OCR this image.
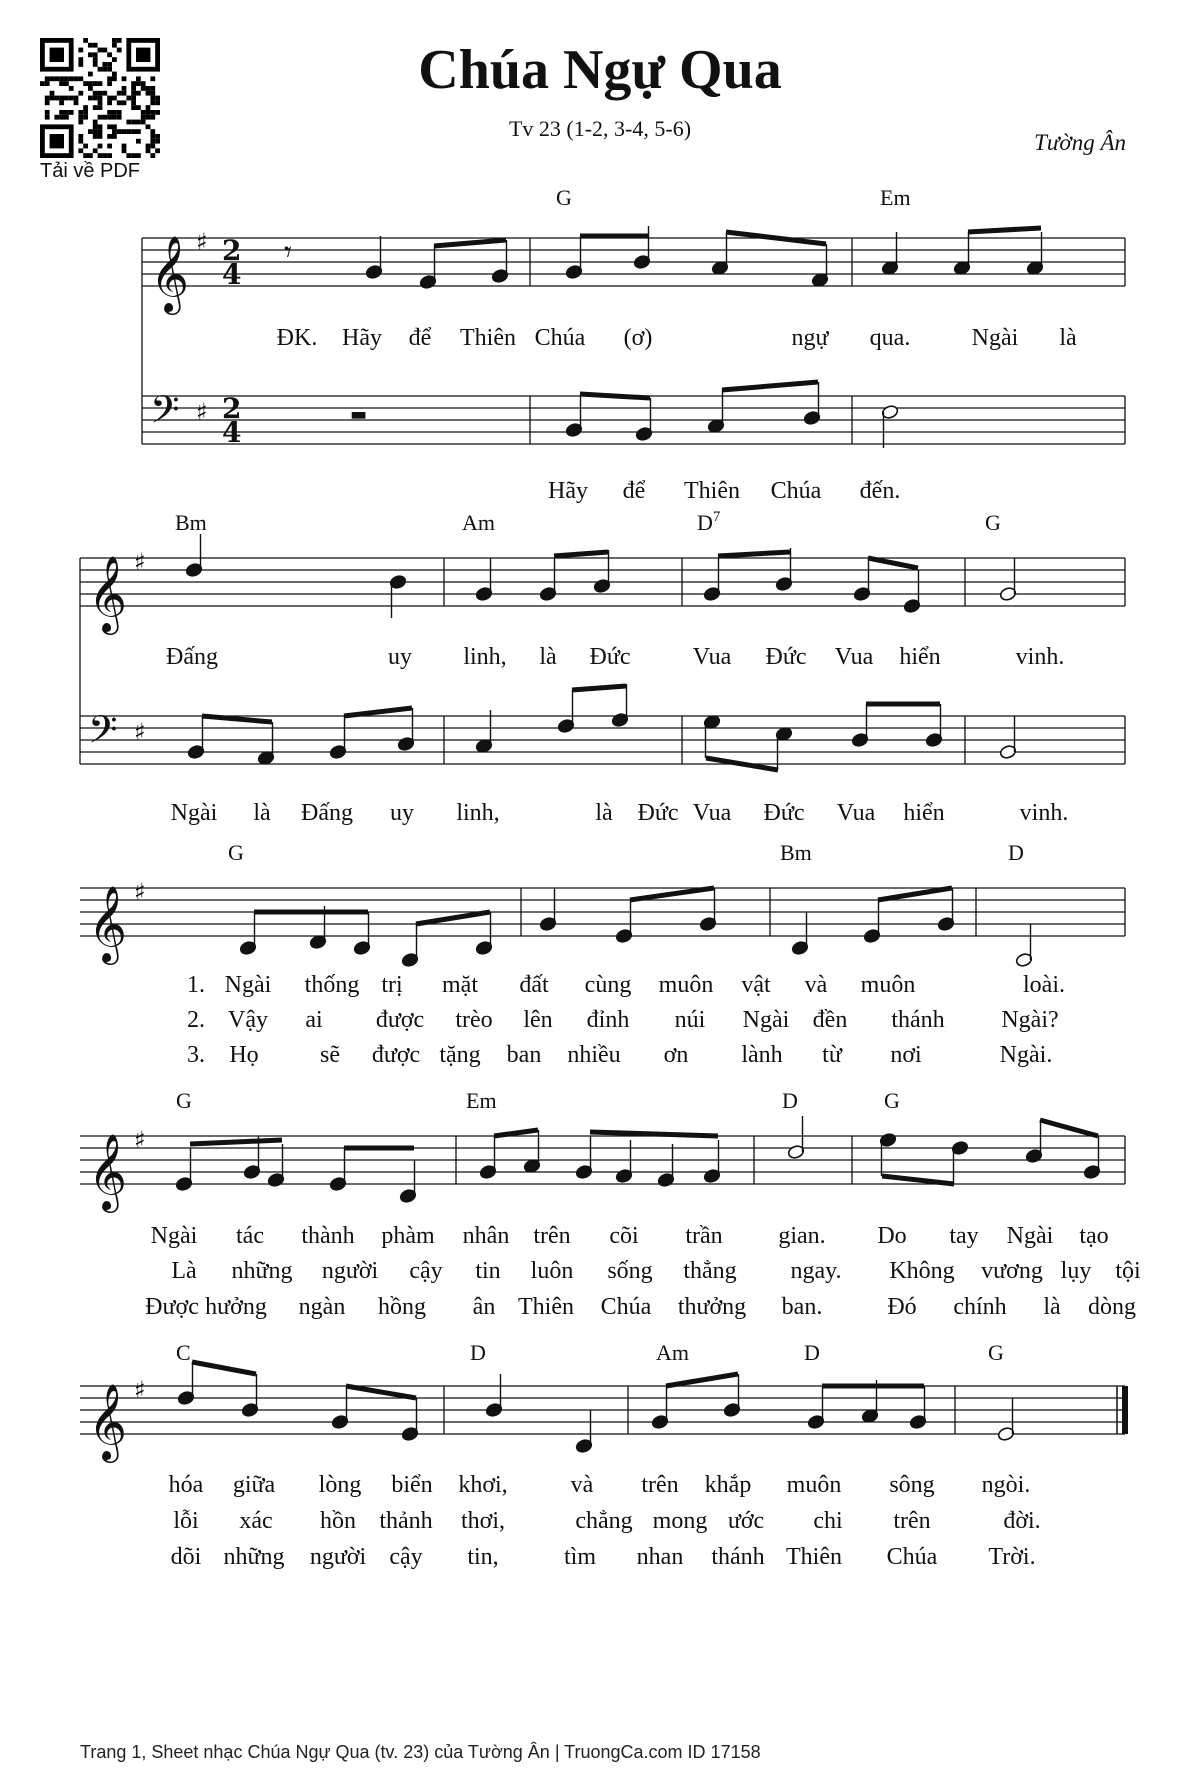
Tải về PDF
Chúa Ngự Qua
Tv 23 (1-2, 3-4, 5-6)
Tường Ân
G	Em
Bm	Am	$D^7$	G
G	Bm	D
G	Em	D	G
C	D	Am	D	G
𝄞 ♯
𝄢 ♯
2
4
2
4
𝄾
▬
ĐK. Hãy để Thiên Chúa (ơ)	ngự qua.	Ngài là
Hãy để Thiên Chúa đến.
𝄞 ♯
𝄢 ♯
Đấng	uy linh, là Đức	Vua Đức Vua hiển	vinh.
Ngài là Đấng uy linh,	là Đức Vua Đức Vua hiển	vinh.
𝄞 ♯
1. Ngài thống trị mặt đất cùng muôn vật và muôn	loài.
2. Vậy ai được trèo lên đỉnh núi Ngài đền thánh Ngài?
3. Họ	sẽ được tặng ban nhiều ơn lành từ nơi	Ngài.
𝄞 ♯
Ngài tác thành phàm nhân trên cõi trần gian. Do tay Ngài tạo
Là những người cậy tin luôn sống thẳng ngay. Không vương lụy tội
Được hưởng ngàn hồng ân Thiên Chúa thưởng ban.	Đó chính là dòng
𝄞 ♯
hóa giữa lòng biển khơi,	và trên khắp muôn sông ngòi.
lỗi xác hồn thảnh thơi,	chẳng mong ước chi trên	đời.
dõi những người cậy tin,	tìm nhan thánh Thiên Chúa Trời.
Trang 1, Sheet nhạc Chúa Ngự Qua (tv. 23) của Tường Ân | TruongCa.com ID 17158
